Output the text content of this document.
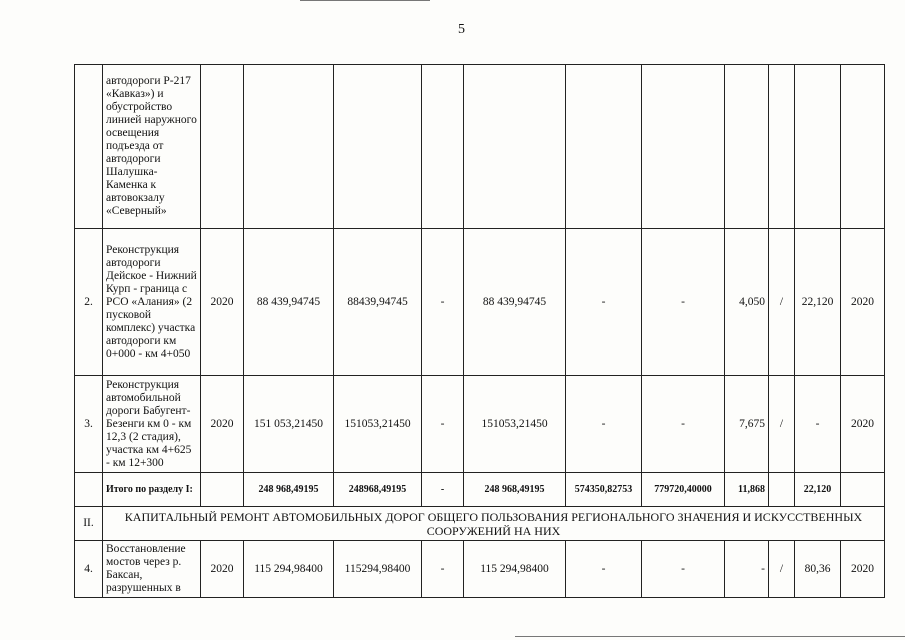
5
	автодороги Р-217 «Кавказ») и обустройство линией наружного освещения подъезда от автодороги Шалушка-Каменка к автовокзалу «Северный»											
2.	Реконструкция автодороги Дейское - Нижний Курп - граница с РСО «Алания» (2 пусковой комплекс) участка автодороги км 0+000 - км 4+050	2020	88 439,94745	88439,94745	-	88 439,94745	-	-	4,050	/	22,120	2020
3.	Реконструкция автомобильной дороги Бабугент-Безенги км 0 - км 12,3 (2 стадия), участка км 4+625 - км 12+300	2020	151 053,21450	151053,21450	-	151053,21450	-	-	7,675	/	-	2020
	Итого по разделу I:		248 968,49195	248968,49195	-	248 968,49195	574350,82753	779720,40000	11,868		22,120	
II.	КАПИТАЛЬНЫЙ РЕМОНТ АВТОМОБИЛЬНЫХ ДОРОГ ОБЩЕГО ПОЛЬЗОВАНИЯ РЕГИОНАЛЬНОГО ЗНАЧЕНИЯ И ИСКУССТВЕННЫХ СООРУЖЕНИЙ НА НИХ											
4.	Восстановление мостов через р. Баксан, разрушенных в	2020	115 294,98400	115294,98400	-	115 294,98400	-	-	-	/	80,36	2020
